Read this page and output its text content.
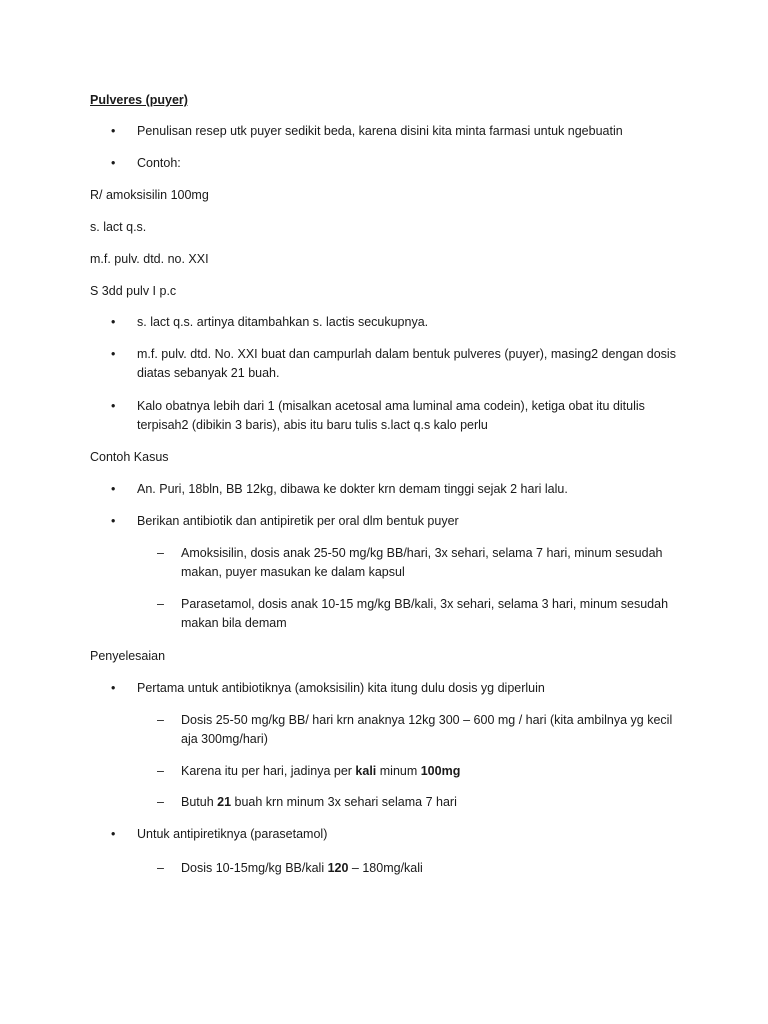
Pulveres (puyer)
• Penulisan resep utk puyer sedikit beda, karena disini kita minta farmasi untuk ngebuatin
• Contoh:
R/ amoksisilin 100mg
s. lact q.s.
m.f. pulv. dtd. no. XXI
S 3dd pulv I p.c
• s. lact q.s. artinya ditambahkan s. lactis secukupnya.
• m.f. pulv. dtd. No. XXI buat dan campurlah dalam bentuk pulveres (puyer), masing2 dengan dosis diatas sebanyak 21 buah.
• Kalo obatnya lebih dari 1 (misalkan acetosal ama luminal ama codein), ketiga obat itu ditulis terpisah2 (dibikin 3 baris), abis itu baru tulis s.lact q.s kalo perlu
Contoh Kasus
• An. Puri, 18bln, BB 12kg, dibawa ke dokter krn demam tinggi sejak 2 hari lalu.
• Berikan antibiotik dan antipiretik per oral dlm bentuk puyer
– Amoksisilin, dosis anak 25-50 mg/kg BB/hari, 3x sehari, selama 7 hari, minum sesudah makan, puyer masukan ke dalam kapsul
– Parasetamol, dosis anak 10-15 mg/kg BB/kali, 3x sehari, selama 3 hari, minum sesudah makan bila demam
Penyelesaian
• Pertama untuk antibiotiknya (amoksisilin) kita itung dulu dosis yg diperluin
– Dosis 25-50 mg/kg BB/ hari krn anaknya 12kg 300 – 600 mg / hari (kita ambilnya yg kecil aja 300mg/hari)
– Karena itu per hari, jadinya per kali minum 100mg
– Butuh 21 buah krn minum 3x sehari selama 7 hari
• Untuk antipiretiknya (parasetamol)
– Dosis 10-15mg/kg BB/kali 120 – 180mg/kali
